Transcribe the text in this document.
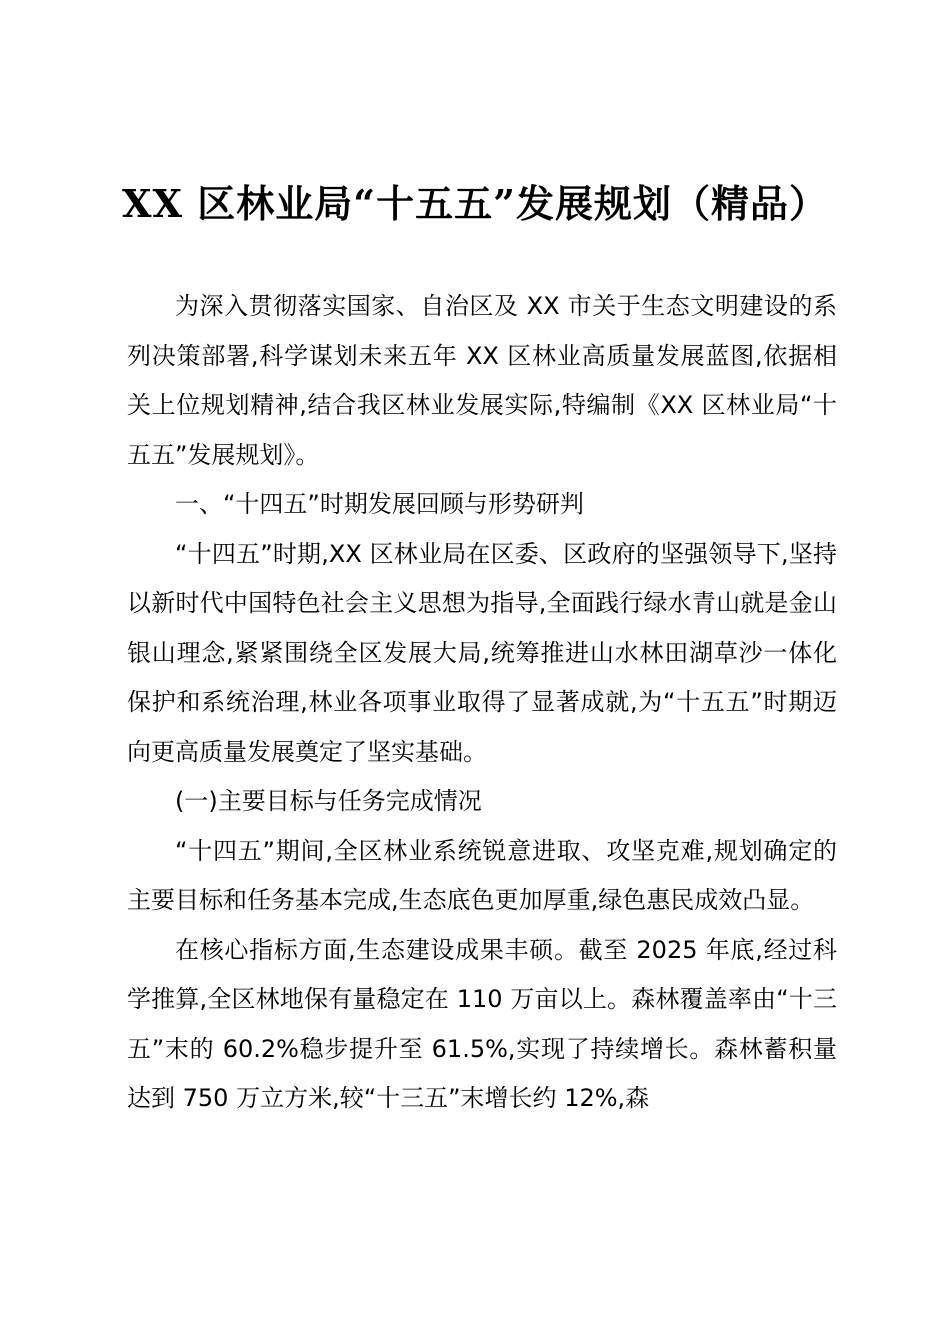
XX 区林业局“十五五”发展规划（精品）

为深入贯彻落实国家、自治区及 XX 市关于生态文明建设的系列决策部署,科学谋划未来五年 XX 区林业高质量发展蓝图,依据相关上位规划精神,结合我区林业发展实际,特编制《XX 区林业局“十五五”发展规划》。

一、“十四五”时期发展回顾与形势研判

“十四五”时期,XX 区林业局在区委、区政府的坚强领导下,坚持以新时代中国特色社会主义思想为指导,全面践行绿水青山就是金山银山理念,紧紧围绕全区发展大局,统筹推进山水林田湖草沙一体化保护和系统治理,林业各项事业取得了显著成就,为“十五五”时期迈向更高质量发展奠定了坚实基础。

(一)主要目标与任务完成情况

“十四五”期间,全区林业系统锐意进取、攻坚克难,规划确定的主要目标和任务基本完成,生态底色更加厚重,绿色惠民成效凸显。

在核心指标方面,生态建设成果丰硕。截至 2025 年底,经过科学推算,全区林地保有量稳定在 110 万亩以上。森林覆盖率由“十三五”末的 60.2%稳步提升至 61.5%,实现了持续增长。森林蓄积量达到 750 万立方米,较“十三五”末增长约 12%,森
